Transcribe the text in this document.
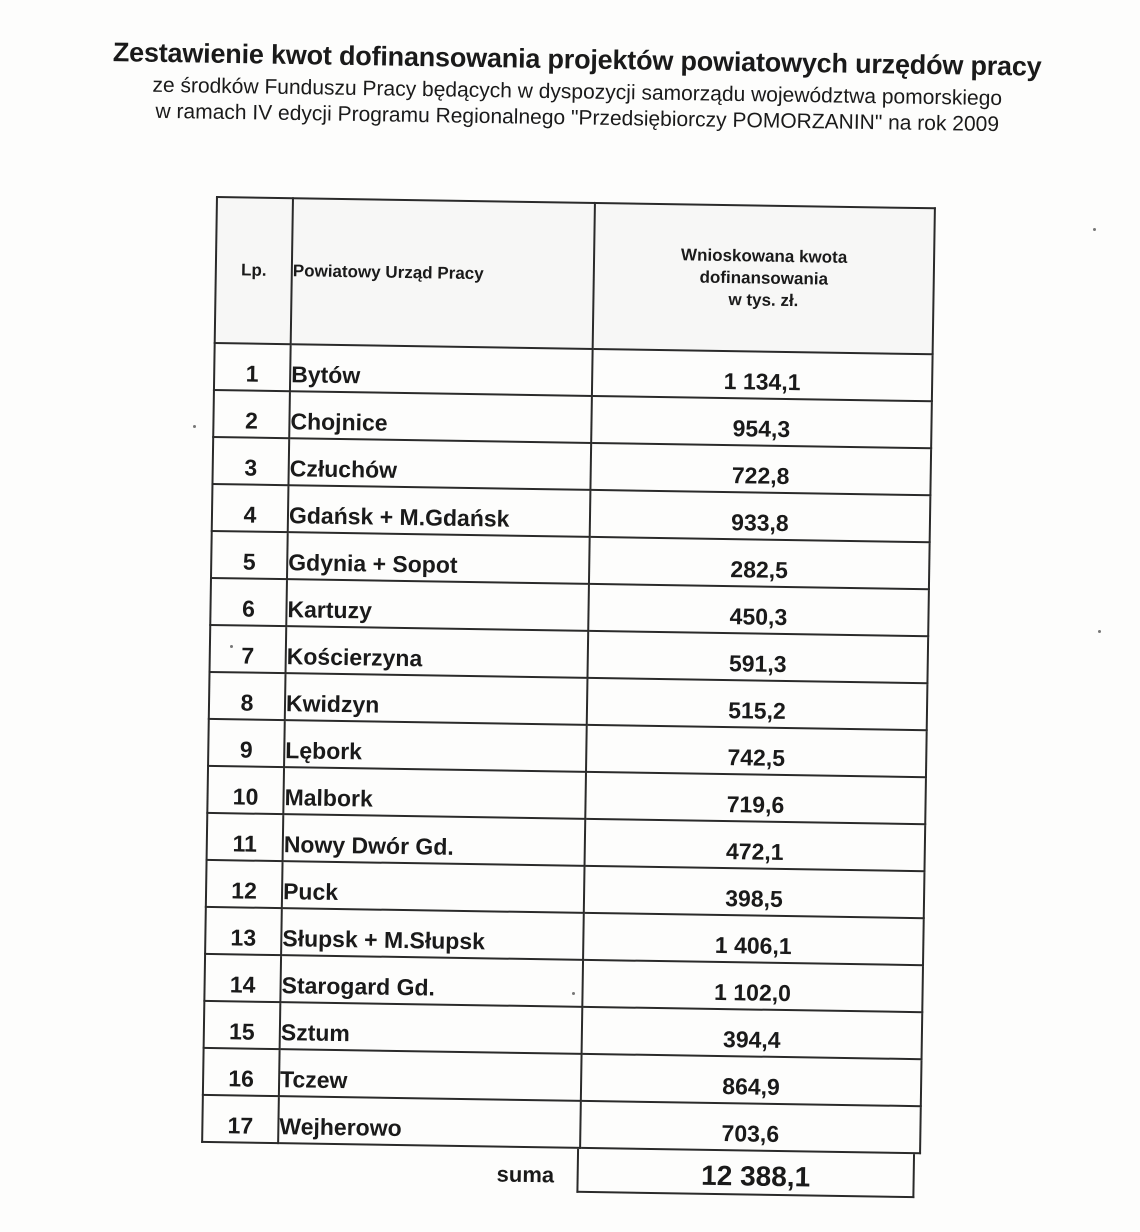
Zestawienie kwot dofinansowania projektów powiatowych urzędów pracy
ze środków Funduszu Pracy będących w dyspozycji samorządu województwa pomorskiego
w ramach IV edycji Programu Regionalnego "Przedsiębiorczy POMORZANIN" na rok 2009
Lp.	Powiatowy Urząd Pracy	Wnioskowana kwota
dofinansowania
w tys. zł.

1	Bytów	1 134,1
2	Chojnice	954,3
3	Człuchów	722,8
4	Gdańsk + M.Gdańsk	933,8
5	Gdynia + Sopot	282,5
6	Kartuzy	450,3
7	Kościerzyna	591,3
8	Kwidzyn	515,2
9	Lębork	742,5
10	Malbork	719,6
11	Nowy Dwór Gd.	472,1
12	Puck	398,5
13	Słupsk + M.Słupsk	1 406,1
14	Starogard Gd.	1 102,0
15	Sztum	394,4
16	Tczew	864,9
17	Wejherowo	703,6
suma	12 388,1
